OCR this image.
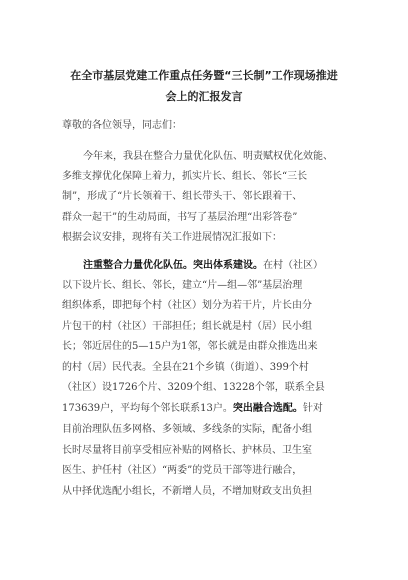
在全市基层党建工作重点任务暨“三长制”工作现场推进
会上的汇报发言
尊敬的各位领导，同志们：
今年来，我县在整合力量优化队伍、明责赋权优化效能、
多维支撑优化保障上着力，抓实片长、组长、邻长“三长
制”，形成了“片长领着干、组长带头干、邻长跟着干、
群众一起干”的生动局面，书写了基层治理“出彩答卷”
根据会议安排，现将有关工作进展情况汇报如下：
注重整合力量优化队伍。突出体系建设。在村（社区）
以下设片长、组长、邻长，建立“片—组—邻”基层治理
组织体系，即把每个村（社区）划分为若干片，片长由分
片包干的村（社区）干部担任；组长就是村（居）民小组
长；邻近居住的5—15户为1邻，邻长就是由群众推选出来
的村（居）民代表。全县在21个乡镇（街道）、399个村
（社区）设1726个片、3209个组、13228个邻，联系全县
173639户，平均每个邻长联系13户。突出融合选配。针对
目前治理队伍多网格、多领域、多线条的实际，配备小组
长时尽量将目前享受相应补贴的网格长、护林员、卫生室
医生、护任村（社区）“两委”的党员干部等进行融合，
从中择优选配小组长，不新增人员，不增加财政支出负担
